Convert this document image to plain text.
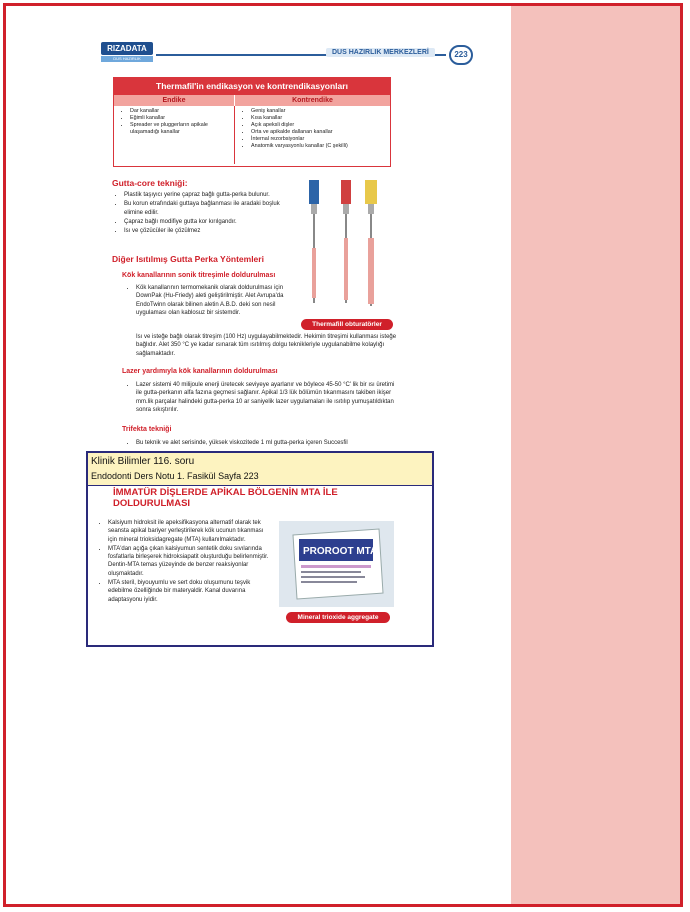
RIZADATA
DUS HAZIRLIK MERKEZLERİ
DUS HAZIRLIK MERKEZLERİ	223
Thermafil'in endikasyon ve kontrendikasyonları
Endike	Kontrendike
• Dar kanallar
• Eğimli kanallar
• Spreader ve pluggerların apikale ulaşamadığı kanallar
• Geniş kanallar
• Kısa kanallar
• Açık apeksli dişler
• Orta ve apikalde dallanan kanallar
• İnternal rezorbsiyonlar
• Anatomik varyasyonlu kanallar (C şekilli)
Gutta-core tekniği:
• Plastik taşıyıcı yerine çapraz bağlı gutta-perka bulunur.
• Bu korun etrafındaki guttaya bağlanması ile aradaki boşluk elimine edilir.
• Çapraz bağlı modifiye gutta kor kırılgandır.
• Isı ve çözücüler ile çözülmez
Thermafill obturatörler
Diğer Isıtılmış Gutta Perka Yöntemleri
Kök kanallarının sonik titreşimle doldurulması
• Kök kanallarının termomekanik olarak doldurulması için DownPak (Hu-Friedy) aleti geliştirilmiştir. Alet Avrupa'da EndoTwinn olarak bilinen aletin A.B.D. deki son nesil uygulaması olan kablosuz bir sistemdir.
Isı ve isteğe bağlı olarak titreşim (100 Hz) uygulayabilmektedir. Hekimin titreşimi kullanması isteğe bağlıdır. Alet 350 °C ye kadar ısınarak tüm ısıtılmış dolgu teknikleriyle uygulanabilme kolaylığı sağlamaktadır.
Lazer yardımıyla kök kanallarının doldurulması
• Lazer sistemi 40 milijoule enerji üretecek seviyeye ayarlanır ve böylece 45-50 °C' lik bir ısı üretimi ile gutta-perkanın alfa fazına geçmesi sağlanır. Apikal 1/3 lük bölümün tıkanmasını takiben ikişer mm.lik parçalar halindeki gutta-perka 10 ar saniyelik lazer uygulamaları ile ısıtılıp yumuşatıldıktan sonra sıkıştırılır.
Trifekta tekniği
• Bu teknik ve alet serisinde, yüksek viskozitede 1 ml gutta-perka içeren Succesfil
Klinik Bilimler 116. soru
Endodonti Ders Notu 1. Fasikül Sayfa 223
İMMATÜR DİŞLERDE APİKAL BÖLGENİN MTA İLE DOLDURULMASI
• Kalsiyum hidroksit ile apeksifikasyona alternatif olarak tek seansta apikal bariyer yerleştirilerek kök ucunun tıkanması için mineral trioksidagregate (MTA) kullanılmaktadır.
• MTA'dan açığa çıkan kalsiyumun sentetik doku sıvılarında fosfatlarla birleşerek hidroksiapatit oluşturduğu belirlenmiştir. Dentin-MTA temas yüzeyinde de benzer reaksiyonlar oluşmaktadır.
• MTA steril, biyouyumlu ve sert doku oluşumunu teşvik edebilme özelliğinde bir materyaldir. Kanal duvarına adaptasyonu iyidir.
PROROOT MTA
Mineral trioxide aggregate
